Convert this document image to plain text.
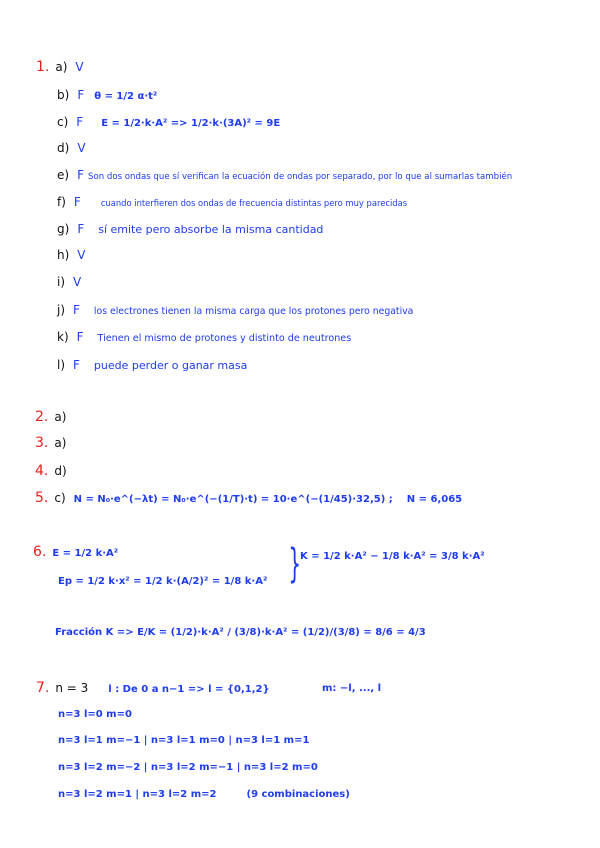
1. a) V
b) F θ = 1/2 α·t²
c) F E = 1/2·k·A² => 1/2·k·(3A)² = 9E
d) V
e) F Son dos ondas que sí verifican la ecuación de ondas por separado, por lo que al sumarlas también
f) F cuando interfieren dos ondas de frecuencia distintas pero muy parecidas
g) F sí emite pero absorbe la misma cantidad
h) V
i) V
j) F los electrones tienen la misma carga que los protones pero negativa
k) F Tienen el mismo de protones y distinto de neutrones
l) F puede perder o ganar masa
2. a)
3. a)
4. d)
5. c) N = N₀·e^(−λt) = N₀·e^(−(1/T)·t) = 10·e^(−(1/45)·32,5) ; N = 6,065
6. E = 1/2 k·A²
Ep = 1/2 k·x² = 1/2 k·(A/2)² = 1/8 k·A² }
K = 1/2 k·A² − 1/8 k·A² = 3/8 k·A²
Fracción K => E/K = (1/2)·k·A² / (3/8)·k·A² = (1/2)/(3/8) = 8/6 = 4/3
7. n = 3 l : De 0 a n−1 => l = {0,1,2}	m: −l, ..., l
n=3 l=0 m=0
n=3 l=1 m=−1 | n=3 l=1 m=0 | n=3 l=1 m=1
n=3 l=2 m=−2 | n=3 l=2 m=−1 | n=3 l=2 m=0
n=3 l=2 m=1 | n=3 l=2 m=2	(9 combinaciones)
